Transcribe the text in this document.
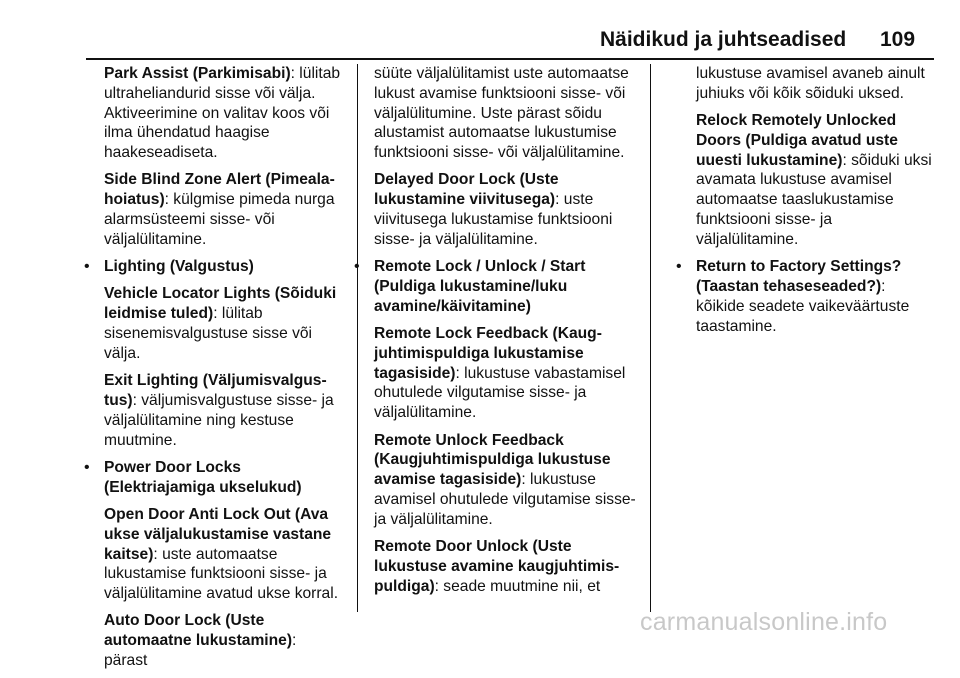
Näidikud ja juhtseadised 109

Park Assist (Parkimisabi): lülitab ultraheliandurid sisse või välja. Aktiveerimine on valitav koos või ilma ühendatud haagise haakeseadiseta.

Side Blind Zone Alert (Pimeala-hoiatus): külgmise pimeda nurga alarmsüsteemi sisse- või väljalülitamine.

• Lighting (Valgustus)

Vehicle Locator Lights (Sõiduki leidmise tuled): lülitab sisenemisvalgustuse sisse või välja.

Exit Lighting (Väljumisvalgus-tus): väljumisvalgustuse sisse- ja väljalülitamine ning kestuse muutmine.

• Power Door Locks (Elektriajamiga ukselukud)

Open Door Anti Lock Out (Ava ukse väljalukustamise vastane kaitse): uste automaatse lukustamise funktsiooni sisse- ja väljalülitamine avatud ukse korral.

Auto Door Lock (Uste automaatne lukustamine): pärast

süüte väljalülitamist uste automaatse lukust avamise funktsiooni sisse- või väljalülitumine. Uste pärast sõidu alustamist automaatse lukustumise funktsiooni sisse- või väljalülitamine.

Delayed Door Lock (Uste lukustamine viivitusega): uste viivitusega lukustamise funktsiooni sisse- ja väljalülitamine.

• Remote Lock / Unlock / Start (Puldiga lukustamine/luku avamine/käivitamine)

Remote Lock Feedback (Kaug-juhtimispuldiga lukustamise tagasiside): lukustuse vabastamisel ohutulede vilgutamise sisse- ja väljalülitamine.

Remote Unlock Feedback (Kaugjuhtimispuldiga lukustuse avamise tagasiside): lukustuse avamisel ohutulede vilgutamise sisse- ja väljalülitamine.

Remote Door Unlock (Uste lukustuse avamine kaugjuhtimis-puldiga): seade muutmine nii, et

lukustuse avamisel avaneb ainult juhiuks või kõik sõiduki uksed.

Relock Remotely Unlocked Doors (Puldiga avatud uste uuesti lukustamine): sõiduki uksi avamata lukustuse avamisel automaatse taaslukustamise funktsiooni sisse- ja väljalülitamine.

• Return to Factory Settings? (Taastan tehaseseaded?): kõikide seadete vaikeväärtuste taastamine.

carmanualsonline.info
